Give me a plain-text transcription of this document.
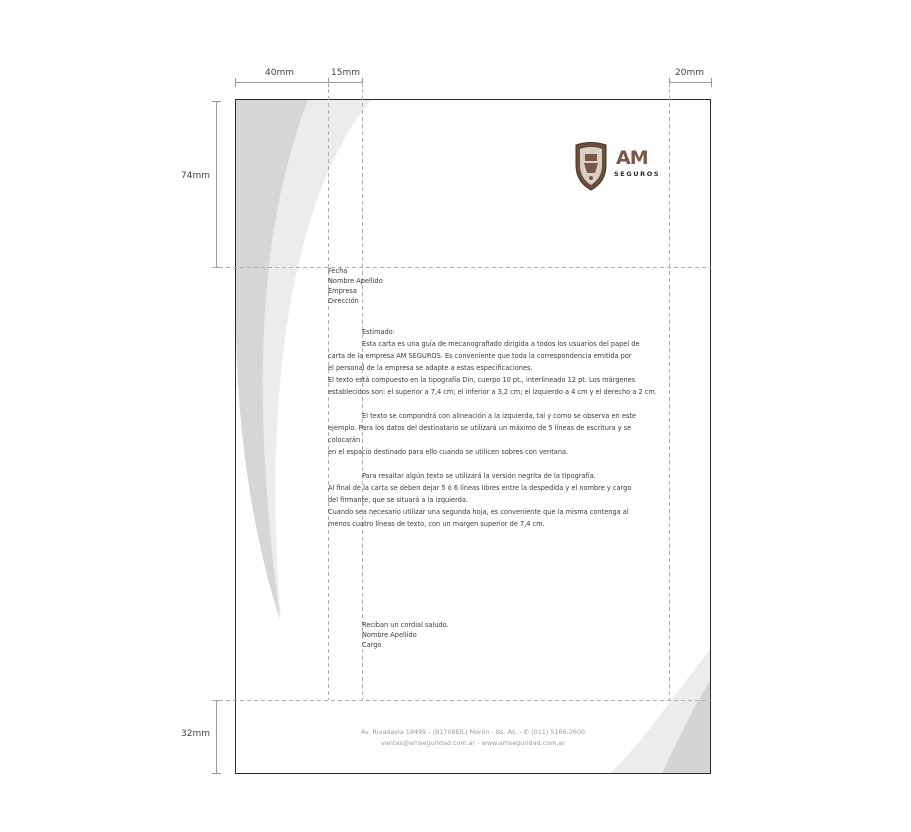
40mm	15mm	20mm
74mm
32mm
AM
SEGUROS
Fecha
Nombre Apellido
Empresa
Dirección
Estimado:
Esta carta es una guía de mecanografiado dirigida a todos los usuarios del papel de
carta de la empresa AM SEGUROS. Es conveniente que toda la correspondencia emitida por
el personal de la empresa se adapte a estas especificaciones.
El texto está compuesto en la tipografía Din, cuerpo 10 pt., interlineado 12 pt. Los márgenes
establecidos son: el superior a 7,4 cm; el inferior a 3,2 cm; el izquierdo a 4 cm y el derecho a 2 cm.
El texto se compondrá con alineación a la izquierda, tal y como se observa en este
ejemplo. Para los datos del destinatario se utilizará un máximo de 5 líneas de escritura y se
colocarán
en el espacio destinado para ello cuando se utilicen sobres con ventana.
Para resaltar algún texto se utilizará la versión negrita de la tipografía.
Al final de la carta se deben dejar 5 ó 6 líneas libres entre la despedida y el nombre y cargo
del firmante, que se situará a la izquierda.
Cuando sea necesario utilizar una segunda hoja, es conveniente que la misma contenga al
menos cuatro líneas de texto, con un margen superior de 7,4 cm.
Reciban un cordial saludo.
Nombre Apellido
Cargo
Av. Rivadavia 18499 - (B1708EIL) Morón - Bs. As. - ✆ (011) 5166.2600
ventas@amseguridad.com.ar - www.amseguridad.com.ar
